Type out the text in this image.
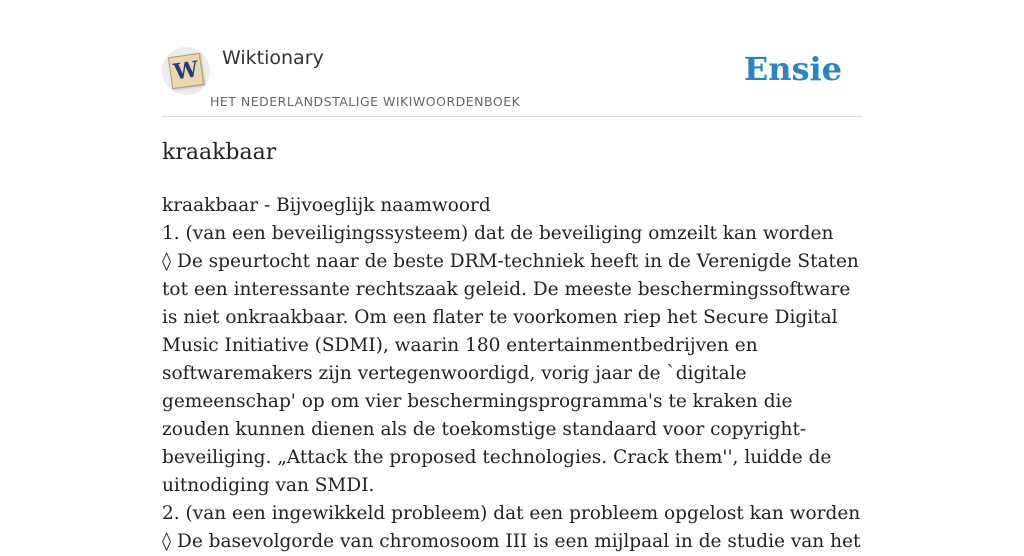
W Wiktionary
HET NEDERLANDSTALIGE WIKIWOORDENBOEK
Ensie
kraakbaar

kraakbaar - Bijvoeglijk naamwoord

1. (van een beveiligingssysteem) dat de beveiliging omzeilt kan worden

◊ De speurtocht naar de beste DRM-techniek heeft in de Verenigde Staten tot een interessante rechtszaak geleid. De meeste beschermingssoftware is niet onkraakbaar. Om een flater te voorkomen riep het Secure Digital Music Initiative (SDMI), waarin 180 entertainmentbedrijven en softwaremakers zijn vertegenwoordigd, vorig jaar de `digitale gemeenschap' op om vier beschermingsprogramma's te kraken die zouden kunnen dienen als de toekomstige standaard voor copyright-beveiliging. „Attack the proposed technologies. Crack them'', luidde de uitnodiging van SMDI.

2. (van een ingewikkeld probleem) dat een probleem opgelost kan worden

◊ De basevolgorde van chromosoom III is een mijlpaal in de studie van het
